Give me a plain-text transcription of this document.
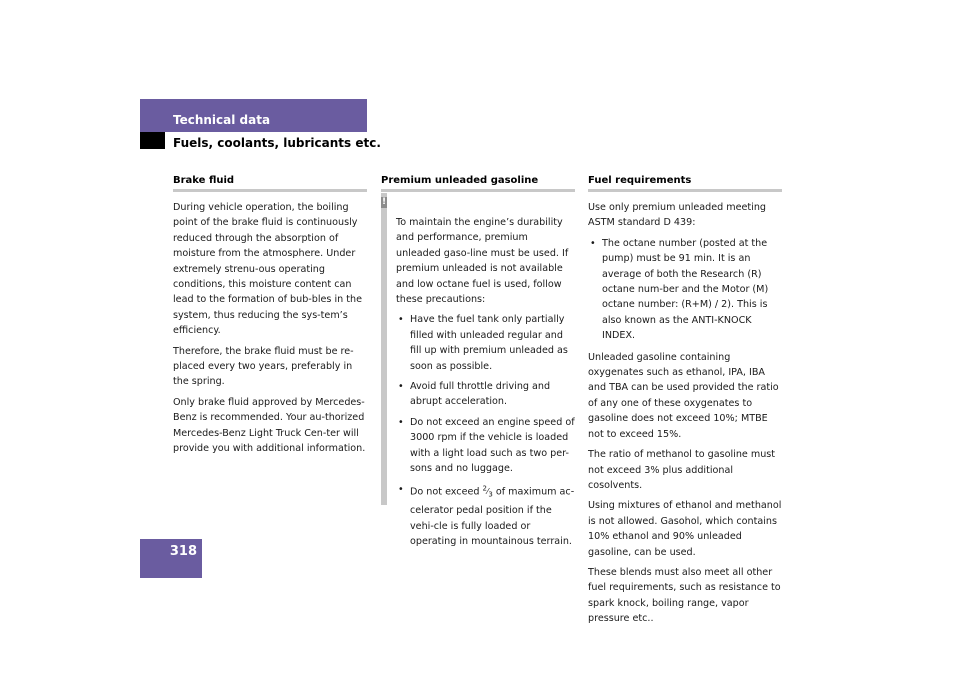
Technical data
Fuels, coolants, lubricants etc.
318
Brake fluid

During vehicle operation, the boiling point of the brake fluid is continuously reduced through the absorption of moisture from the atmosphere. Under extremely strenu-ous operating conditions, this moisture content can lead to the formation of bub-bles in the system, thus reducing the sys-tem’s efficiency.

Therefore, the brake fluid must be re-placed every two years, preferably in the spring.

Only brake fluid approved by Mercedes-Benz is recommended. Your au-thorized Mercedes-Benz Light Truck Cen-ter will provide you with additional information.

Premium unleaded gasoline
!

To maintain the engine’s durability and performance, premium unleaded gaso-line must be used. If premium unleaded is not available and low octane fuel is used, follow these precautions:

• Have the fuel tank only partially filled with unleaded regular and fill up with premium unleaded as soon as possible.
• Avoid full throttle driving and abrupt acceleration.
• Do not exceed an engine speed of 3000 rpm if the vehicle is loaded with a light load such as two per-sons and no luggage.
• Do not exceed $^2⁄_3$ of maximum ac-celerator pedal position if the vehi-cle is fully loaded or operating in mountainous terrain.
Fuel requirements

Use only premium unleaded meeting ASTM standard D 439:

• The octane number (posted at the pump) must be 91 min. It is an average of both the Research (R) octane num-ber and the Motor (M) octane number: (R+M) / 2). This is also known as the ANTI-KNOCK INDEX.

Unleaded gasoline containing oxygenates such as ethanol, IPA, IBA and TBA can be used provided the ratio of any one of these oxygenates to gasoline does not exceed 10%; MTBE not to exceed 15%.

The ratio of methanol to gasoline must not exceed 3% plus additional cosolvents.

Using mixtures of ethanol and methanol is not allowed. Gasohol, which contains 10% ethanol and 90% unleaded gasoline, can be used.

These blends must also meet all other fuel requirements, such as resistance to spark knock, boiling range, vapor pressure etc..
